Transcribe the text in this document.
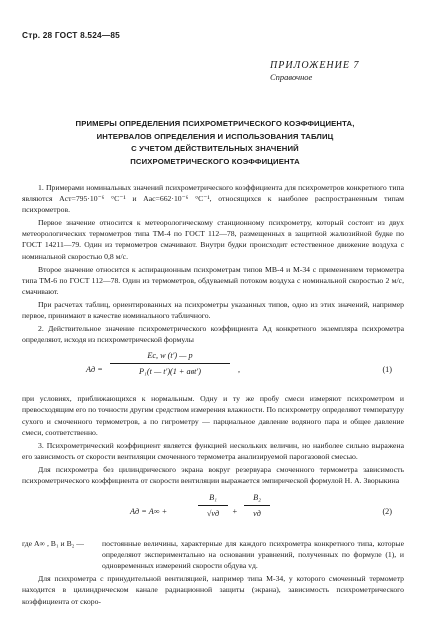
Стр. 28 ГОСТ 8.524—85
ПРИЛОЖЕНИЕ 7
Справочное
ПРИМЕРЫ ОПРЕДЕЛЕНИЯ ПСИХРОМЕТРИЧЕСКОГО КОЭФФИЦИЕНТА,
ИНТЕРВАЛОВ ОПРЕДЕЛЕНИЯ И ИСПОЛЬЗОВАНИЯ ТАБЛИЦ
С УЧЕТОМ ДЕЙСТВИТЕЛЬНЫХ ЗНАЧЕНИЙ
ПСИХРОМЕТРИЧЕСКОГО КОЭФФИЦИЕНТА

1. Примерами номинальных значений психрометрического коэффициента для психрометров конкретного типа являются Aст=795·10⁻⁶ °С⁻¹ и Aас=662·10⁻⁶ °С⁻¹, относящихся к наиболее распространенным типам психрометров.

Первое значение относится к метеорологическому станционному психрометру, который состоит из двух метеорологических термометров типа ТМ-4 по ГОСТ 112—78, размещенных в защитной жалюзийной будке по ГОСТ 14211—79. Один из термометров смачивают. Внутри будки происходит естественное движение воздуха с номинальной скоростью 0,8 м/с.

Второе значение относится к аспирационным психрометрам типов МВ-4 и М-34 с применением термометра типа ТМ-6 по ГОСТ 112—78. Один из термометров, обдуваемый потоком воздуха с номинальной скоростью 2 м/с, смачивают.

При расчетах таблиц, ориентированных на психрометры указанных типов, одно из этих значений, например первое, принимают в качестве номинального табличного.

2. Действительное значение психрометрического коэффициента Aд конкретного экземпляра психрометра определяют, исходя из психрометрической формулы

Aд =
Eс, w (t′) — p
P₁(t — t′)(1 + aвt′)	,	(1)

при условиях, приближающихся к нормальным. Одну и ту же пробу смеси измеряют психрометром и превосходящим его по точности другим средством измерения влажности. По психрометру определяют температуру сухого и смоченного термометров, а по гигрометру — парциальное давление водяного пара и общее давление смеси, соответственно.

3. Психрометрический коэффициент является функцией нескольких величин, но наиболее сильно выражена его зависимость от скорости вентиляции смоченного термометра анализируемой парогазовой смесью.

Для психрометра без цилиндрического экрана вокруг резервуара смоченного термометра зависимость психрометрического коэффициента от скорости вентиляции выражается эмпирической формулой Н. А. Зворыкина

Aд = A∞ +
B₁
√vд	+
B₂
vд	(2)

где A∞ , B₁ и B₂ — постоянные величины, характерные для каждого психрометра конкретного типа, которые определяют экспериментально на основании уравнений, полученных по формуле (1), и одновременных измерений скорости обдува vд.

Для психрометра с принудительной вентиляцией, например типа М-34, у которого смоченный термометр находится в цилиндрическом канале радиационной защиты (экрана), зависимость психрометрического коэффициента от скоро-
